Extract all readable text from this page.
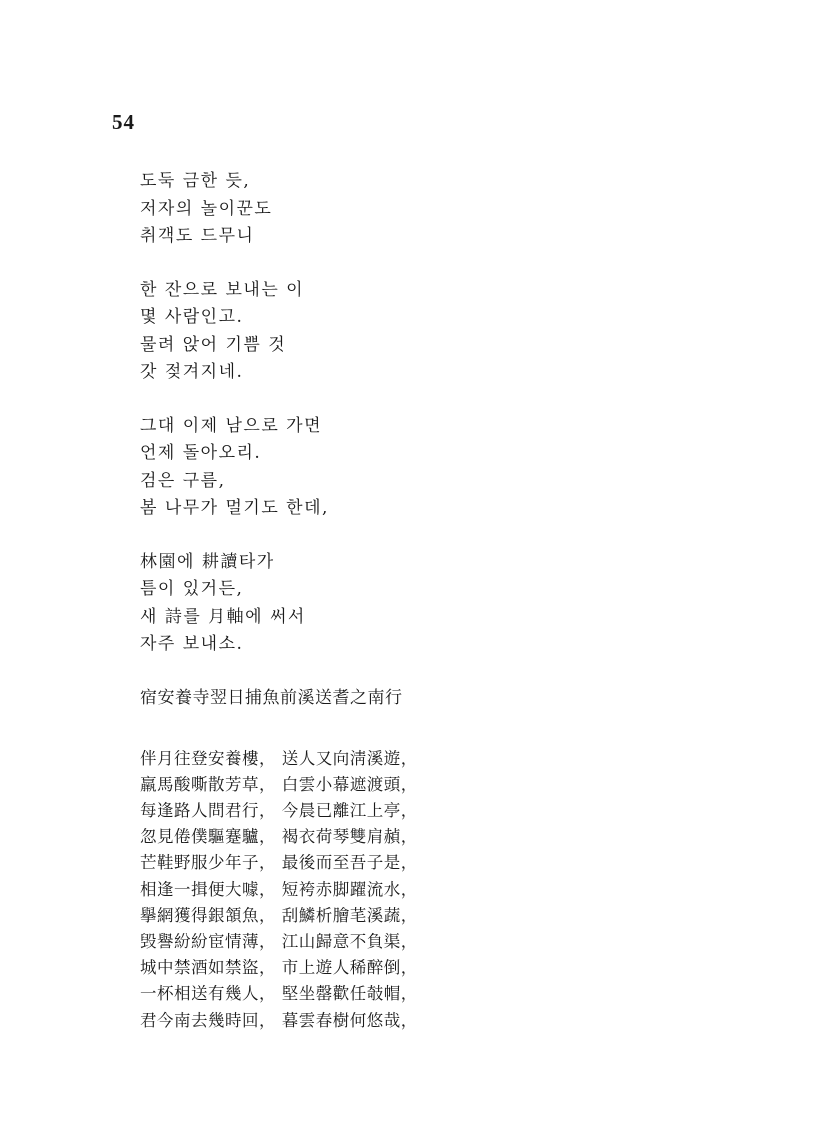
54
도둑 금한 듯,
저자의 놀이꾼도
취객도 드무니
한 잔으로 보내는 이
몇 사람인고.
물려 앉어 기쁨 것
갓 젖겨지네.
그대 이제 남으로 가면
언제 돌아오리.
검은 구름,
봄 나무가 멀기도 한데,
林園에 耕讀타가
틈이 있거든,
새 詩를 月軸에 써서
자주 보내소.
宿安養寺翌日捕魚前溪送耆之南行
伴月往登安養樓， 送人又向淸溪遊，
羸馬酸嘶散芳草， 白雲小幕遮渡頭，
每逢路人問君行， 今晨已離江上亭，
忽見倦僕驅蹇驢， 褐衣荷琴雙肩赬，
芒鞋野服少年子， 最後而至吾子是，
相逢一揖便大噱， 短袴赤脚躍流水，
擧網獲得銀頷魚， 刮鱗析膾芼溪蔬，
毁譽紛紛宦情薄， 江山歸意不負渠，
城中禁酒如禁盜， 市上遊人稀醉倒，
一杯相送有幾人， 堅坐罄歡任攲帽，
君今南去幾時回， 暮雲春樹何悠哉，
